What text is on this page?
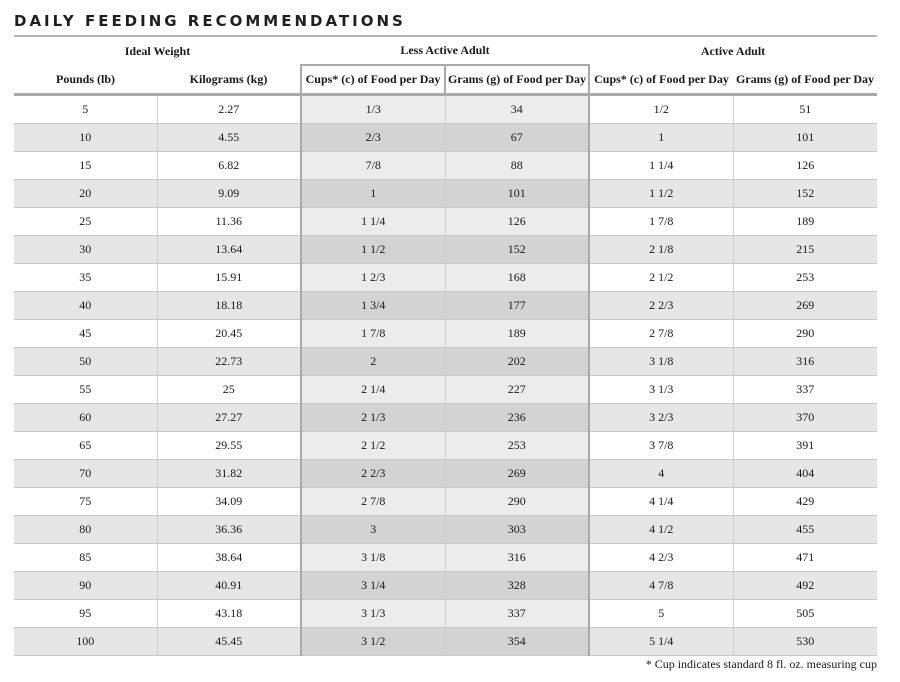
DAILY FEEDING RECOMMENDATIONS
Ideal Weight		Less Active Adult		Active Adult	
Pounds (lb)	Kilograms (kg)	Cups* (c) of Food per Day	Grams (g) of Food per Day	Cups* (c) of Food per Day	Grams (g) of Food per Day
5	2.27	1/3	34	1/2	51
10	4.55	2/3	67	1	101
15	6.82	7/8	88	1 1/4	126
20	9.09	1	101	1 1/2	152
25	11.36	1 1/4	126	1 7/8	189
30	13.64	1 1/2	152	2 1/8	215
35	15.91	1 2/3	168	2 1/2	253
40	18.18	1 3/4	177	2 2/3	269
45	20.45	1 7/8	189	2 7/8	290
50	22.73	2	202	3 1/8	316
55	25	2 1/4	227	3 1/3	337
60	27.27	2 1/3	236	3 2/3	370
65	29.55	2 1/2	253	3 7/8	391
70	31.82	2 2/3	269	4	404
75	34.09	2 7/8	290	4 1/4	429
80	36.36	3	303	4 1/2	455
85	38.64	3 1/8	316	4 2/3	471
90	40.91	3 1/4	328	4 7/8	492
95	43.18	3 1/3	337	5	505
100	45.45	3 1/2	354	5 1/4	530
* Cup indicates standard 8 fl. oz. measuring cup
